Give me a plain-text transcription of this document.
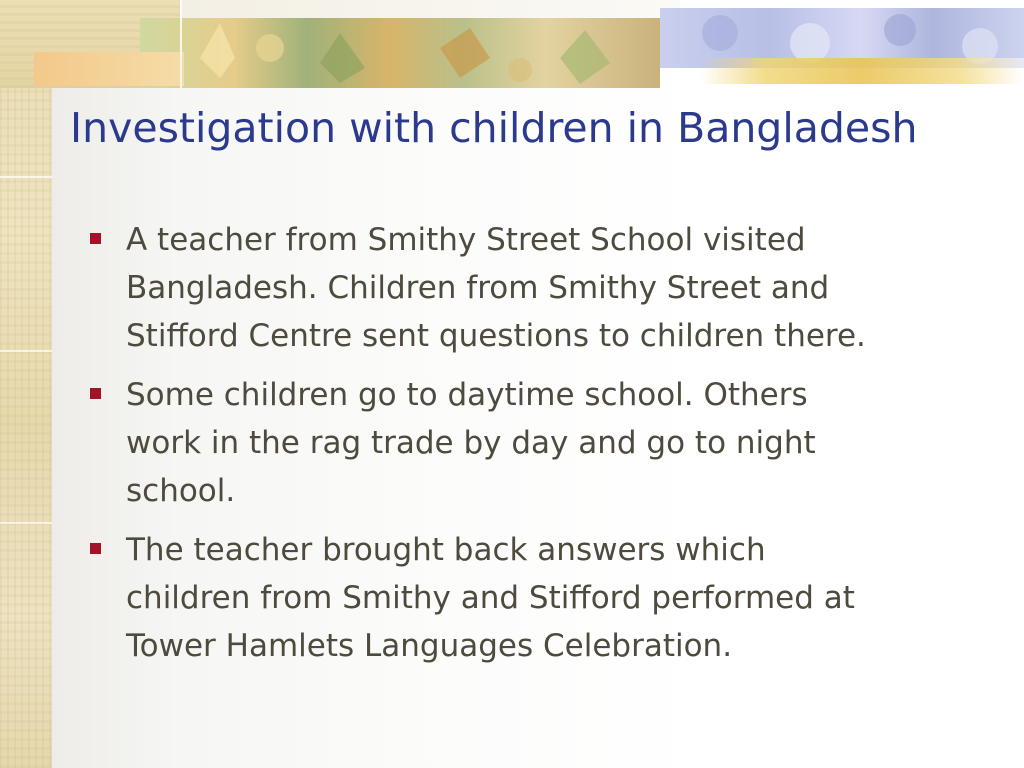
Investigation with children in Bangladesh
A teacher from Smithy Street School visited
Bangladesh. Children from Smithy Street and
Stifford Centre sent questions to children there.
Some children go to daytime school. Others
work in the rag trade by day and go to night
school.
The teacher brought back answers which
children from Smithy and Stifford performed at
Tower Hamlets Languages Celebration.
